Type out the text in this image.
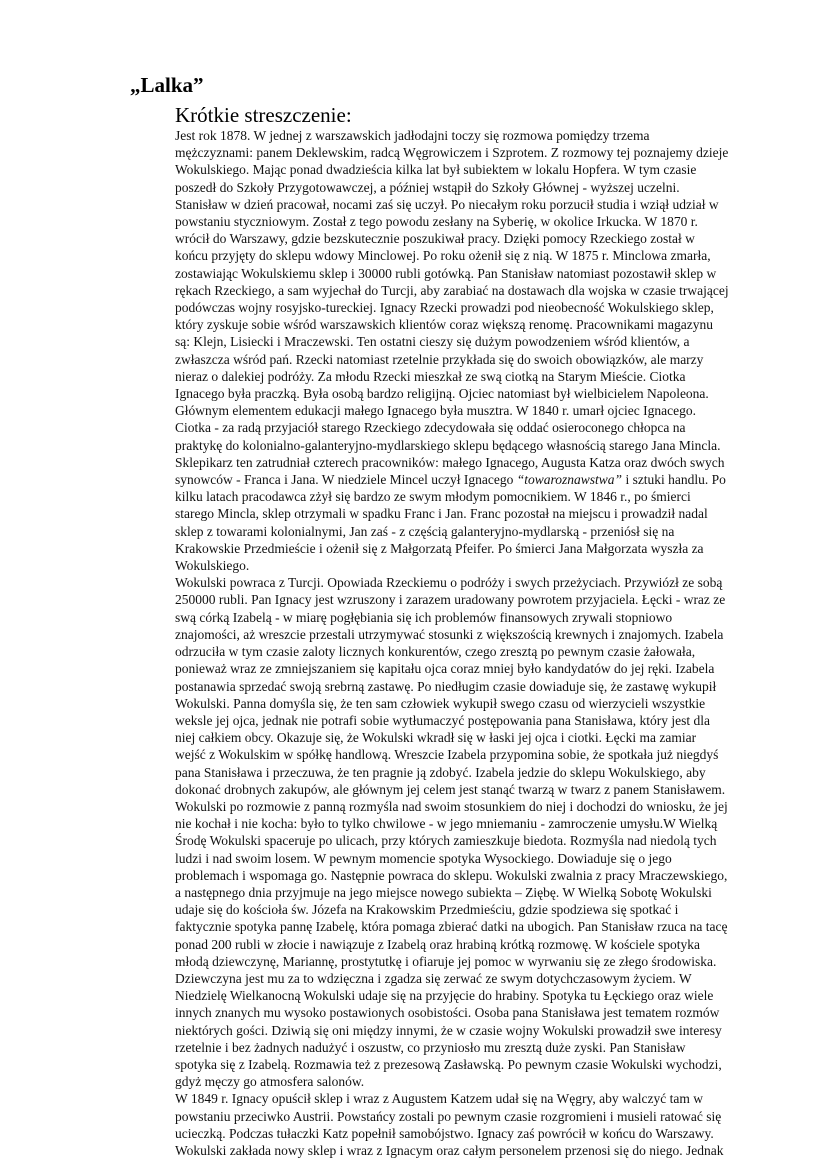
„Lalka”
Krótkie streszczenie:
Jest rok 1878. W jednej z warszawskich jadłodajni toczy się rozmowa pomiędzy trzema
mężczyznami: panem Deklewskim, radcą Węgrowiczem i Szprotem. Z rozmowy tej poznajemy dzieje
Wokulskiego. Mając ponad dwadzieścia kilka lat był subiektem w lokalu Hopfera. W tym czasie
poszedł do Szkoły Przygotowawczej, a później wstąpił do Szkoły Głównej - wyższej uczelni.
Stanisław w dzień pracował, nocami zaś się uczył. Po niecałym roku porzucił studia i wziął udział w
powstaniu styczniowym. Został z tego powodu zesłany na Syberię, w okolice Irkucka. W 1870 r.
wrócił do Warszawy, gdzie bezskutecznie poszukiwał pracy. Dzięki pomocy Rzeckiego został w
końcu przyjęty do sklepu wdowy Minclowej. Po roku ożenił się z nią. W 1875 r. Minclowa zmarła,
zostawiając Wokulskiemu sklep i 30000 rubli gotówką. Pan Stanisław natomiast pozostawił sklep w
rękach Rzeckiego, a sam wyjechał do Turcji, aby zarabiać na dostawach dla wojska w czasie trwającej
podówczas wojny rosyjsko-tureckiej. Ignacy Rzecki prowadzi pod nieobecność Wokulskiego sklep,
który zyskuje sobie wśród warszawskich klientów coraz większą renomę. Pracownikami magazynu
są: Klejn, Lisiecki i Mraczewski. Ten ostatni cieszy się dużym powodzeniem wśród klientów, a
zwłaszcza wśród pań. Rzecki natomiast rzetelnie przykłada się do swoich obowiązków, ale marzy
nieraz o dalekiej podróży. Za młodu Rzecki mieszkał ze swą ciotką na Starym Mieście. Ciotka
Ignacego była praczką. Była osobą bardzo religijną. Ojciec natomiast był wielbicielem Napoleona.
Głównym elementem edukacji małego Ignacego była musztra. W 1840 r. umarł ojciec Ignacego.
Ciotka - za radą przyjaciół starego Rzeckiego zdecydowała się oddać osieroconego chłopca na
praktykę do kolonialno-galanteryjno-mydlarskiego sklepu będącego własnością starego Jana Mincla.
Sklepikarz ten zatrudniał czterech pracowników: małego Ignacego, Augusta Katza oraz dwóch swych
synowców - Franca i Jana. W niedziele Mincel uczył Ignacego “towaroznawstwa” i sztuki handlu. Po
kilku latach pracodawca zżył się bardzo ze swym młodym pomocnikiem. W 1846 r., po śmierci
starego Mincla, sklep otrzymali w spadku Franc i Jan. Franc pozostał na miejscu i prowadził nadal
sklep z towarami kolonialnymi, Jan zaś - z częścią galanteryjno-mydlarską - przeniósł się na
Krakowskie Przedmieście i ożenił się z Małgorzatą Pfeifer. Po śmierci Jana Małgorzata wyszła za
Wokulskiego.
Wokulski powraca z Turcji. Opowiada Rzeckiemu o podróży i swych przeżyciach. Przywiózł ze sobą
250000 rubli. Pan Ignacy jest wzruszony i zarazem uradowany powrotem przyjaciela. Łęcki - wraz ze
swą córką Izabelą - w miarę pogłębiania się ich problemów finansowych zrywali stopniowo
znajomości, aż wreszcie przestali utrzymywać stosunki z większością krewnych i znajomych. Izabela
odrzuciła w tym czasie zaloty licznych konkurentów, czego zresztą po pewnym czasie żałowała,
ponieważ wraz ze zmniejszaniem się kapitału ojca coraz mniej było kandydatów do jej ręki. Izabela
postanawia sprzedać swoją srebrną zastawę. Po niedługim czasie dowiaduje się, że zastawę wykupił
Wokulski. Panna domyśla się, że ten sam człowiek wykupił swego czasu od wierzycieli wszystkie
weksle jej ojca, jednak nie potrafi sobie wytłumaczyć postępowania pana Stanisława, który jest dla
niej całkiem obcy. Okazuje się, że Wokulski wkradł się w łaski jej ojca i ciotki. Łęcki ma zamiar
wejść z Wokulskim w spółkę handlową. Wreszcie Izabela przypomina sobie, że spotkała już niegdyś
pana Stanisława i przeczuwa, że ten pragnie ją zdobyć. Izabela jedzie do sklepu Wokulskiego, aby
dokonać drobnych zakupów, ale głównym jej celem jest stanąć twarzą w twarz z panem Stanisławem.
Wokulski po rozmowie z panną rozmyśla nad swoim stosunkiem do niej i dochodzi do wniosku, że jej
nie kochał i nie kocha: było to tylko chwilowe - w jego mniemaniu - zamroczenie umysłu.W Wielką
Środę Wokulski spaceruje po ulicach, przy których zamieszkuje biedota. Rozmyśla nad niedolą tych
ludzi i nad swoim losem. W pewnym momencie spotyka Wysockiego. Dowiaduje się o jego
problemach i wspomaga go. Następnie powraca do sklepu. Wokulski zwalnia z pracy Mraczewskiego,
a następnego dnia przyjmuje na jego miejsce nowego subiekta – Ziębę. W Wielką Sobotę Wokulski
udaje się do kościoła św. Józefa na Krakowskim Przedmieściu, gdzie spodziewa się spotkać i
faktycznie spotyka pannę Izabelę, która pomaga zbierać datki na ubogich. Pan Stanisław rzuca na tacę
ponad 200 rubli w złocie i nawiązuje z Izabelą oraz hrabiną krótką rozmowę. W kościele spotyka
młodą dziewczynę, Mariannę, prostytutkę i ofiaruje jej pomoc w wyrwaniu się ze złego środowiska.
Dziewczyna jest mu za to wdzięczna i zgadza się zerwać ze swym dotychczasowym życiem. W
Niedzielę Wielkanocną Wokulski udaje się na przyjęcie do hrabiny. Spotyka tu Łęckiego oraz wiele
innych znanych mu wysoko postawionych osobistości. Osoba pana Stanisława jest tematem rozmów
niektórych gości. Dziwią się oni między innymi, że w czasie wojny Wokulski prowadził swe interesy
rzetelnie i bez żadnych nadużyć i oszustw, co przyniosło mu zresztą duże zyski. Pan Stanisław
spotyka się z Izabelą. Rozmawia też z prezesową Zasławską. Po pewnym czasie Wokulski wychodzi,
gdyż męczy go atmosfera salonów.
W 1849 r. Ignacy opuścił sklep i wraz z Augustem Katzem udał się na Węgry, aby walczyć tam w
powstaniu przeciwko Austrii. Powstańcy zostali po pewnym czasie rozgromieni i musieli ratować się
ucieczką. Podczas tułaczki Katz popełnił samobójstwo. Ignacy zaś powrócił w końcu do Warszawy.
Wokulski zakłada nowy sklep i wraz z Ignacym oraz całym personelem przenosi się do niego. Jednak
